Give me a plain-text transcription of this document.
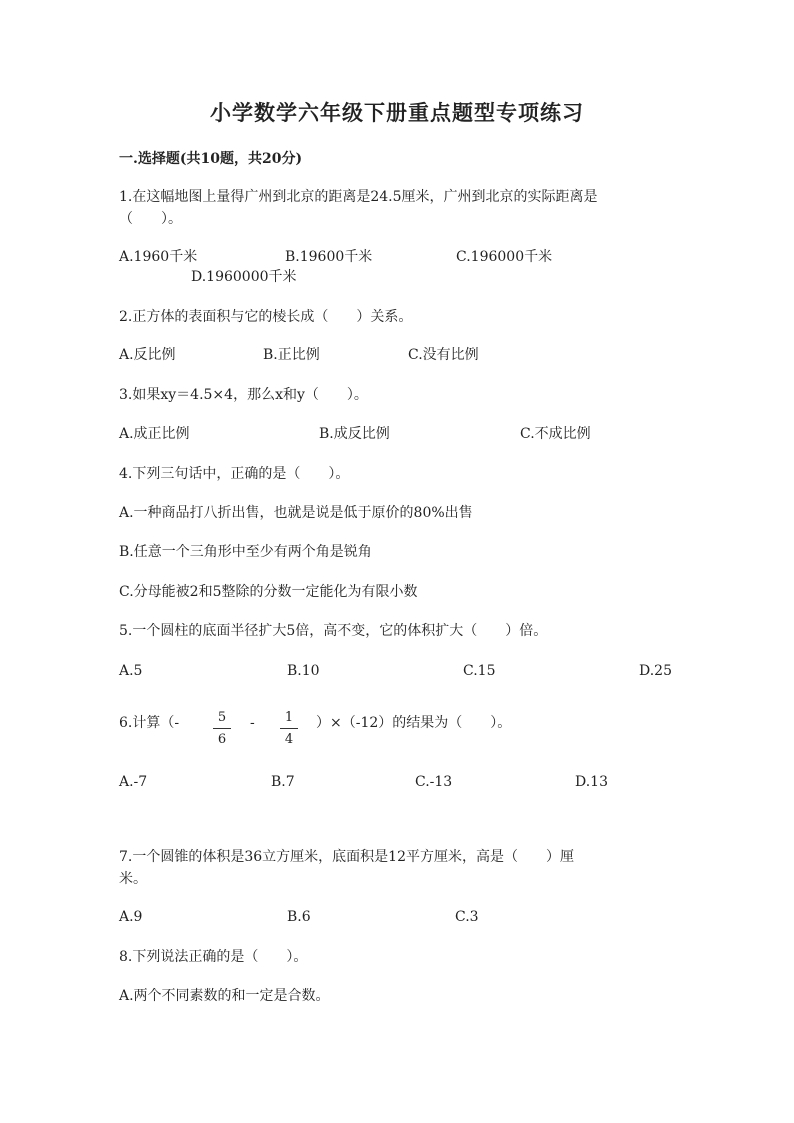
小学数学六年级下册重点题型专项练习
一.选择题(共10题，共20分)
1.在这幅地图上量得广州到北京的距离是24.5厘米，广州到北京的实际距离是
（　　）。
A.1960千米	B.19600千米	C.196000千米
D.1960000千米
2.正方体的表面积与它的棱长成（　　）关系。
A.反比例	B.正比例	C.没有比例
3.如果xy＝4.5×4，那么x和y（　　）。
A.成正比例	B.成反比例	C.不成比例
4.下列三句话中，正确的是（　　）。
A.一种商品打八折出售，也就是说是低于原价的80%出售
B.任意一个三角形中至少有两个角是锐角
C.分母能被2和5整除的分数一定能化为有限小数
5.一个圆柱的底面半径扩大5倍，高不变，它的体积扩大（　　）倍。
A.5	B.10	C.15	D.25
6.计算（-	$\frac{5}{6} - \frac{1}{4} )\times(-12)$的结果为（　　）。
A.-7	B.7	C.-13	D.13
7.一个圆锥的体积是36立方厘米，底面积是12平方厘米，高是（　　）厘
米。
A.9	B.6	C.3
8.下列说法正确的是（　　）。
A.两个不同素数的和一定是合数。
